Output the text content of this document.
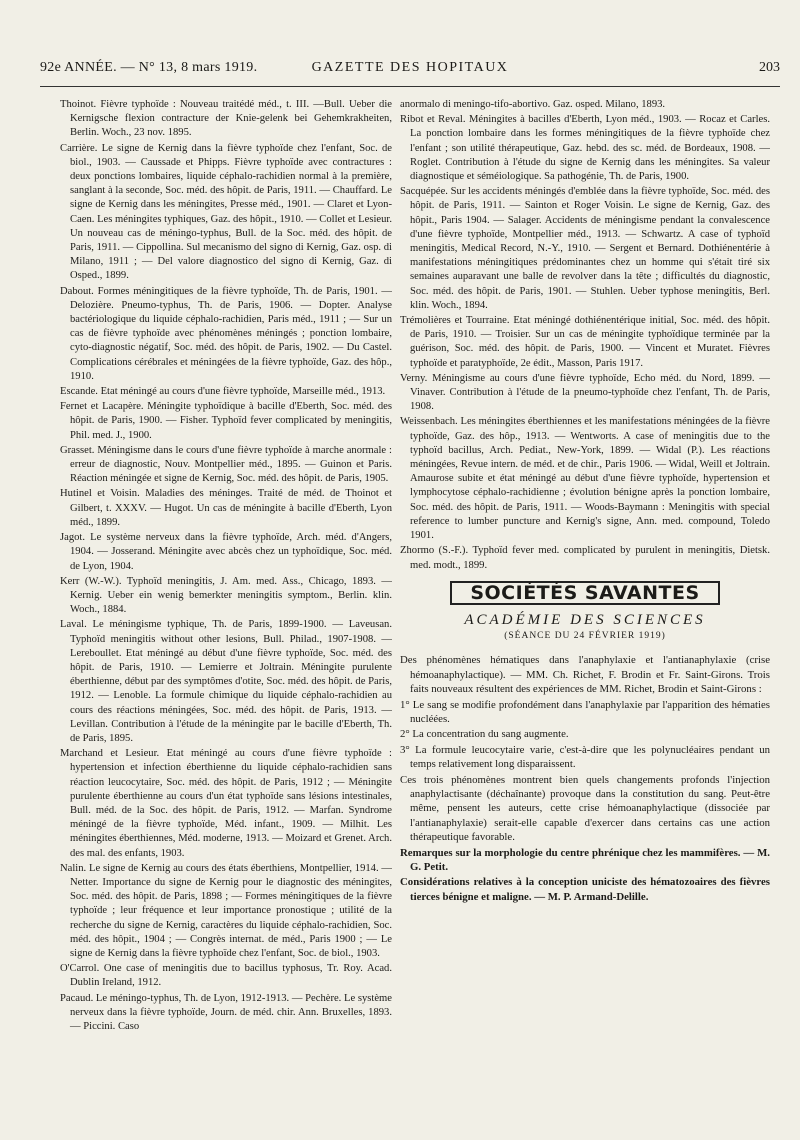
92e ANNÉE. — N° 13, 8 mars 1919.	GAZETTE DES HOPITAUX	203

Thoinot. Fièvre typhoïde : Nouveau traitédé méd., t. III. —Bull. Ueber die Kernigsche flexion contracture der Knie-gelenk bei Gehemkrakheiten, Berlin. Woch., 23 nov. 1895.

Carrière. Le signe de Kernig dans la fièvre typhoïde chez l'enfant, Soc. de biol., 1903. — Caussade et Phipps. Fièvre typhoïde avec contractures : deux ponctions lombaires, liquide céphalo-rachidien normal à la première, sanglant à la seconde, Soc. méd. des hôpit. de Paris, 1911. — Chauffard. Le signe de Kernig dans les méningites, Presse méd., 1901. — Claret et Lyon-Caen. Les méningites typhiques, Gaz. des hôpit., 1910. — Collet et Lesieur. Un nouveau cas de méningo-typhus, Bull. de la Soc. méd. des hôpit. de Paris, 1911. — Cippollina. Sul mecanismo del signo di Kernig, Gaz. osp. di Milano, 1911 ; — Del valore diagnostico del signo di Kernig, Gaz. di Osped., 1899.

Dabout. Formes méningitiques de la fièvre typhoïde, Th. de Paris, 1901. — Delozière. Pneumo-typhus, Th. de Paris, 1906. — Dopter. Analyse bactériologique du liquide céphalo-rachidien, Paris méd., 1911 ; — Sur un cas de fièvre typhoïde avec phénomènes méningés ; ponction lombaire, cyto-diagnostic négatif, Soc. méd. des hôpit. de Paris, 1902. — Du Castel. Complications cérébrales et méningées de la fièvre typhoïde, Gaz. des hôp., 1910.

Escande. Etat méningé au cours d'une fièvre typhoïde, Marseille méd., 1913.

Fernet et Lacapère. Méningite typhoïdique à bacille d'Eberth, Soc. méd. des hôpit. de Paris, 1900. — Fisher. Typhoïd fever complicated by meningitis, Phil. med. J., 1900.

Grasset. Méningisme dans le cours d'une fièvre typhoïde à marche anormale : erreur de diagnostic, Nouv. Montpellier méd., 1895. — Guinon et Paris. Réaction méningée et signe de Kernig, Soc. méd. des hôpit. de Paris, 1905.

Hutinel et Voisin. Maladies des méninges. Traité de méd. de Thoinot et Gilbert, t. XXXV. — Hugot. Un cas de méningite à bacille d'Eberth, Lyon méd., 1899.

Jagot. Le système nerveux dans la fièvre typhoïde, Arch. méd. d'Angers, 1904. — Josserand. Méningite avec abcès chez un typhoïdique, Soc. méd. de Lyon, 1904.

Kerr (W.-W.). Typhoïd meningitis, J. Am. med. Ass., Chicago, 1893. — Kernig. Ueber ein wenig bemerkter meningitis symptom., Berlin. klin. Woch., 1884.

Laval. Le méningisme typhique, Th. de Paris, 1899-1900. — Laveusan. Typhoïd meningitis without other lesions, Bull. Philad., 1907-1908. — Lereboullet. Etat méningé au début d'une fièvre typhoïde, Soc. méd. des hôpit. de Paris, 1910. — Lemierre et Joltrain. Méningite purulente éberthienne, début par des symptômes d'otite, Soc. méd. des hôpit. de Paris, 1912. — Lenoble. La formule chimique du liquide céphalo-rachidien au cours des réactions méningées, Soc. méd. des hôpit. de Paris, 1913. — Levillan. Contribution à l'étude de la méningite par le bacille d'Eberth, Th. de Paris, 1895.

Marchand et Lesieur. Etat méningé au cours d'une fièvre typhoïde : hypertension et infection éberthienne du liquide céphalo-rachidien sans réaction leucocytaire, Soc. méd. des hôpit. de Paris, 1912 ; — Méningite purulente éberthienne au cours d'un état typhoïde sans lésions intestinales, Bull. méd. de la Soc. des hôpit. de Paris, 1912. — Marfan. Syndrome méningé de la fièvre typhoïde, Méd. infant., 1909. — Milhit. Les méningites éberthiennes, Méd. moderne, 1913. — Moizard et Grenet. Arch. des mal. des enfants, 1903.

Nalin. Le signe de Kernig au cours des états éberthiens, Montpellier, 1914. — Netter. Importance du signe de Kernig pour le diagnostic des méningites, Soc. méd. des hôpit. de Paris, 1898 ; — Formes méningitiques de la fièvre typhoïde ; leur fréquence et leur importance pronostique ; utilité de la recherche du signe de Kernig, caractères du liquide céphalo-rachidien, Soc. méd. des hôpit., 1904 ; — Congrès internat. de méd., Paris 1900 ; — Le signe de Kernig dans la fièvre typhoïde chez l'enfant, Soc. de biol., 1903.

O'Carrol. One case of meningitis due to bacillus typhosus, Tr. Roy. Acad. Dublin Ireland, 1912.

Pacaud. Le méningo-typhus, Th. de Lyon, 1912-1913. — Pechère. Le système nerveux dans la fièvre typhoïde, Journ. de méd. chir. Ann. Bruxelles, 1893. — Piccini. Caso

anormalo di meningo-tifo-abortivo. Gaz. osped. Milano, 1893.

Ribot et Reval. Méningites à bacilles d'Eberth, Lyon méd., 1903. — Rocaz et Carles. La ponction lombaire dans les formes méningitiques de la fièvre typhoïde chez l'enfant ; son utilité thérapeutique, Gaz. hebd. des sc. méd. de Bordeaux, 1908. — Roglet. Contribution à l'étude du signe de Kernig dans les méningites. Sa valeur diagnostique et séméiologique. Sa pathogénie, Th. de Paris, 1900.

Sacquépée. Sur les accidents méningés d'emblée dans la fièvre typhoïde, Soc. méd. des hôpit. de Paris, 1911. — Sainton et Roger Voisin. Le signe de Kernig, Gaz. des hôpit., Paris 1904. — Salager. Accidents de méningisme pendant la convalescence d'une fièvre typhoïde, Montpellier méd., 1913. — Schwartz. A case of typhoïd meningitis, Medical Record, N.-Y., 1910. — Sergent et Bernard. Dothiénentérie à manifestations méningitiques prédominantes chez un homme qui s'était tiré six semaines auparavant une balle de revolver dans la tête ; difficultés du diagnostic, Soc. méd. des hôpit. de Paris, 1901. — Stuhlen. Ueber typhose meningitis, Berl. klin. Woch., 1894.

Trémolières et Tourraine. Etat méningé dothiénentérique initial, Soc. méd. des hôpit. de Paris, 1910. — Troisier. Sur un cas de méningite typhoïdique terminée par la guérison, Soc. méd. des hôpit. de Paris, 1900. — Vincent et Muratet. Fièvres typhoïde et paratyphoïde, 2e édit., Masson, Paris 1917.

Verny. Méningisme au cours d'une fièvre typhoïde, Echo méd. du Nord, 1899. — Vinaver. Contribution à l'étude de la pneumo-typhoïde chez l'enfant, Th. de Paris, 1908.

Weissenbach. Les méningites éberthiennes et les manifestations méningées de la fièvre typhoïde, Gaz. des hôp., 1913. — Wentworts. A case of meningitis due to the typhoïd bacillus, Arch. Pediat., New-York, 1899. — Widal (P.). Les réactions méningées, Revue intern. de méd. et de chir., Paris 1906. — Widal, Weill et Joltrain. Amaurose subite et état méningé au début d'une fièvre typhoïde, hypertension et lymphocytose céphalo-rachidienne ; évolution bénigne après la ponction lombaire, Soc. méd. des hôpit. de Paris, 1911. — Woods-Baymann : Meningitis with special reference to lumber puncture and Kernig's signe, Ann. med. compound, Toledo 1901.

Zhormo (S.-F.). Typhoïd fever med. complicated by purulent in meningitis, Dietsk. med. modt., 1899.

SOCIÉTÉS SAVANTES
ACADÉMIE DES SCIENCES
(SÉANCE DU 24 FÉVRIER 1919)

Des phénomènes hématiques dans l'anaphylaxie et l'antianaphylaxie (crise hémoanaphylactique). — MM. Ch. Richet, F. Brodin et Fr. Saint-Girons. Trois faits nouveaux résultent des expériences de MM. Richet, Brodin et Saint-Girons :

1° Le sang se modifie profondément dans l'anaphylaxie par l'apparition des hématies nucléées.

2° La concentration du sang augmente.

3° La formule leucocytaire varie, c'est-à-dire que les polynucléaires pendant un temps relativement long disparaissent.

Ces trois phénomènes montrent bien quels changements profonds l'injection anaphylactisante (déchaînante) provoque dans la constitution du sang. Peut-être même, pensent les auteurs, cette crise hémoanaphylactique (dissociée par l'antianaphylaxie) serait-elle capable d'exercer dans certains cas une action thérapeutique favorable.

Remarques sur la morphologie du centre phrénique chez les mammifères. — M. G. Petit.

Considérations relatives à la conception uniciste des hématozoaires des fièvres tierces bénigne et maligne. — M. P. Armand-Delille.
